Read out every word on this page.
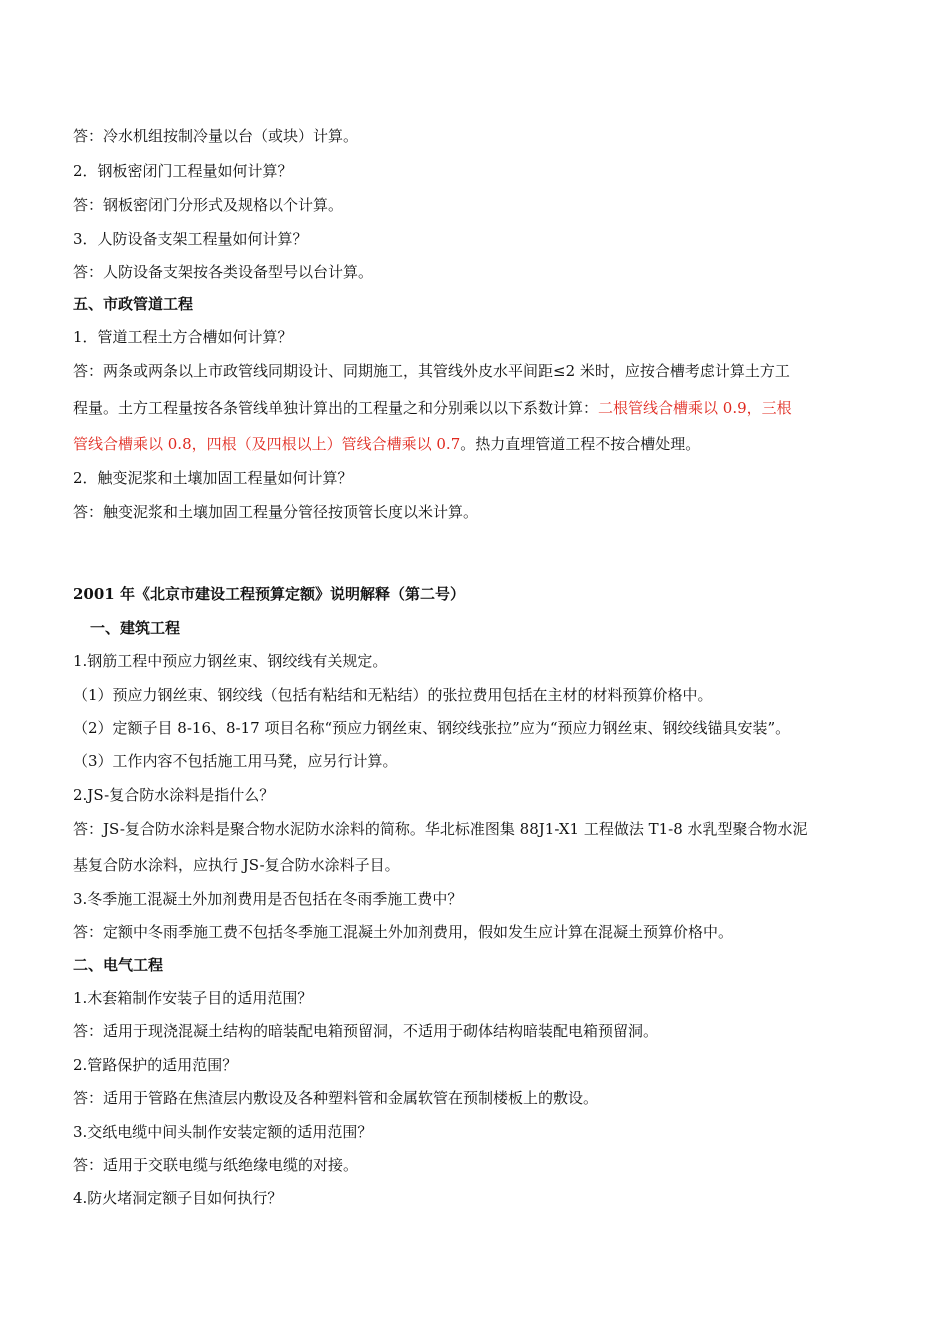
答：冷水机组按制冷量以台（或块）计算。
2．钢板密闭门工程量如何计算？
答：钢板密闭门分形式及规格以个计算。
3．人防设备支架工程量如何计算？
答：人防设备支架按各类设备型号以台计算。
五、市政管道工程
1．管道工程土方合槽如何计算？
答：两条或两条以上市政管线同期设计、同期施工，其管线外皮水平间距≤2 米时，应按合槽考虑计算土方工
程量。土方工程量按各条管线单独计算出的工程量之和分别乘以以下系数计算：二根管线合槽乘以 0.9，三根
管线合槽乘以 0.8，四根（及四根以上）管线合槽乘以 0.7。热力直埋管道工程不按合槽处理。
2．触变泥浆和土壤加固工程量如何计算？
答：触变泥浆和土壤加固工程量分管径按顶管长度以米计算。
2001 年《北京市建设工程预算定额》说明解释（第二号）
一、建筑工程
1.钢筋工程中预应力钢丝束、钢绞线有关规定。
（1）预应力钢丝束、钢绞线（包括有粘结和无粘结）的张拉费用包括在主材的材料预算价格中。
（2）定额子目 8-16、8-17 项目名称“预应力钢丝束、钢绞线张拉”应为“预应力钢丝束、钢绞线锚具安装”。
（3）工作内容不包括施工用马凳，应另行计算。
2.JS-复合防水涂料是指什么？
答：JS-复合防水涂料是聚合物水泥防水涂料的简称。华北标准图集 88J1-X1 工程做法 T1-8 水乳型聚合物水泥
基复合防水涂料，应执行 JS-复合防水涂料子目。
3.冬季施工混凝土外加剂费用是否包括在冬雨季施工费中？
答：定额中冬雨季施工费不包括冬季施工混凝土外加剂费用，假如发生应计算在混凝土预算价格中。
二、电气工程
1.木套箱制作安装子目的适用范围？
答：适用于现浇混凝土结构的暗装配电箱预留洞，不适用于砌体结构暗装配电箱预留洞。
2.管路保护的适用范围？
答：适用于管路在焦渣层内敷设及各种塑料管和金属软管在预制楼板上的敷设。
3.交纸电缆中间头制作安装定额的适用范围？
答：适用于交联电缆与纸绝缘电缆的对接。
4.防火堵洞定额子目如何执行？
